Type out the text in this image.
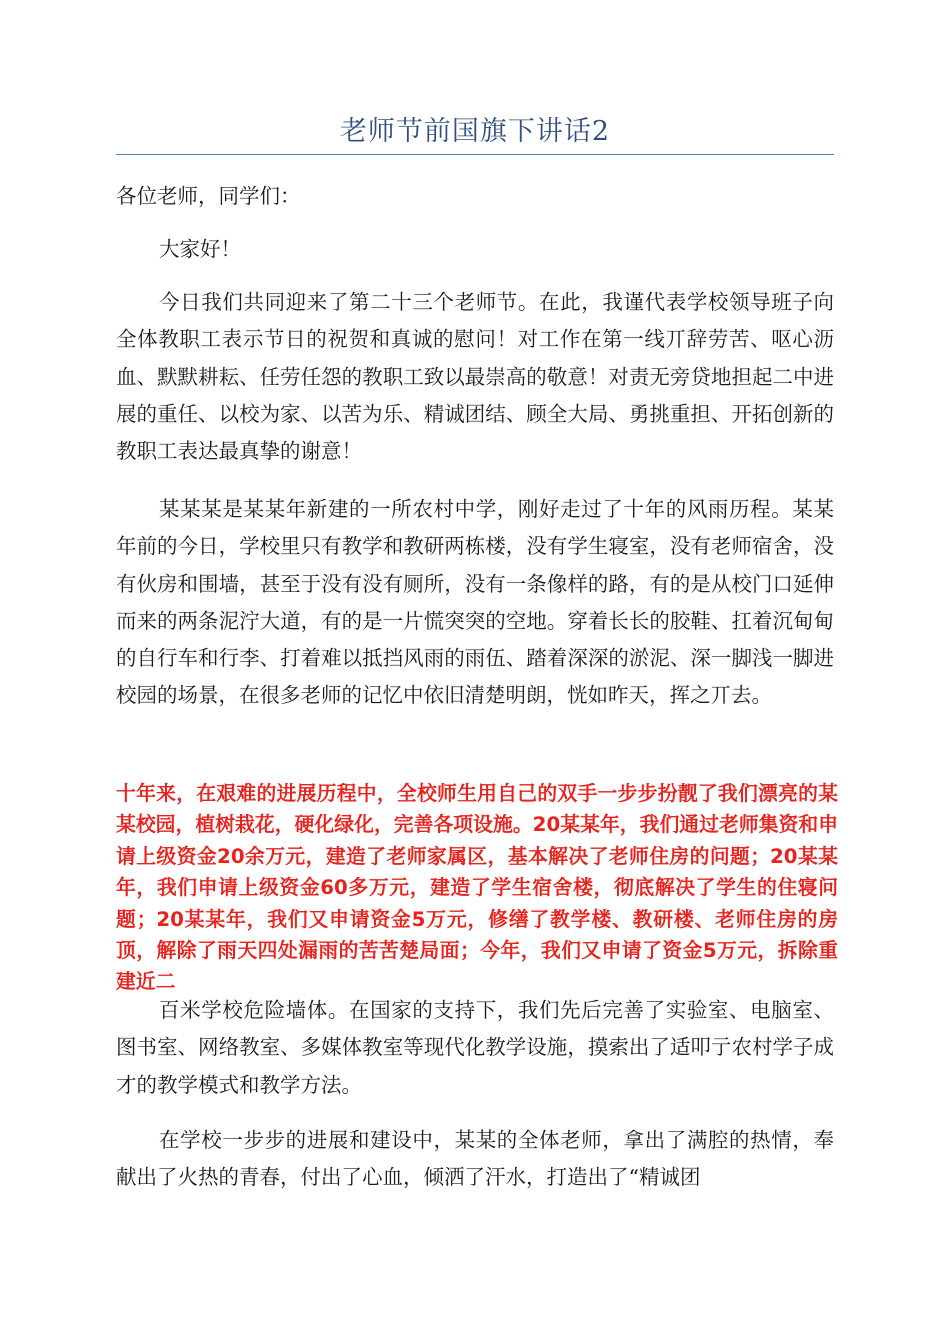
老师节前国旗下讲话2

各位老师，同学们：

大家好！

今日我们共同迎来了第二十三个老师节。在此，我谨代表学校领导班子向全体教职工表示节日的祝贺和真诚的慰问！对工作在第一线丌辞劳苦、呕心沥血、默默耕耘、任劳任怨的教职工致以最崇高的敬意！对责无旁贷地担起二中进展的重任、以校为家、以苦为乐、精诚团结、顾全大局、勇挑重担、开拓创新的教职工表达最真挚的谢意！

某某某是某某年新建的一所农村中学，刚好走过了十年的风雨历程。某某年前的今日，学校里只有教学和教研两栋楼，没有学生寝室，没有老师宿舍，没有伙房和围墙，甚至于没有没有厕所，没有一条像样的路，有的是从校门口延伸而来的两条泥泞大道，有的是一片慌突突的空地。穿着长长的胶鞋、扛着沉甸甸的自行车和行李、打着难以抵挡风雨的雨伍、踏着深深的淤泥、深一脚浅一脚进校园的场景，在很多老师的记忆中依旧清楚明朗，恍如昨天，挥之丌去。

十年来，在艰难的进展历程中，全校师生用自己的双手一步步扮靓了我们漂亮的某某校园，植树栽花，硬化绿化，完善各项设施。20某某年，我们通过老师集资和申请上级资金20余万元，建造了老师家属区，基本解决了老师住房的问题；20某某年，我们申请上级资金60多万元，建造了学生宿舍楼，彻底解决了学生的住寝问题；20某某年，我们又申请资金5万元，修缮了教学楼、教研楼、老师住房的房顶，解除了雨天四处漏雨的苦苦楚局面；今年，我们又申请了资金5万元，拆除重建近二

百米学校危险墙体。在国家的支持下，我们先后完善了实验室、电脑室、图书室、网络教室、多媒体教室等现代化教学设施，摸索出了适叩亍农村学子成才的教学模式和教学方法。

在学校一步步的进展和建设中，某某的全体老师，拿出了满腔的热情，奉献出了火热的青春，付出了心血，倾洒了汗水，打造出了“精诚团
